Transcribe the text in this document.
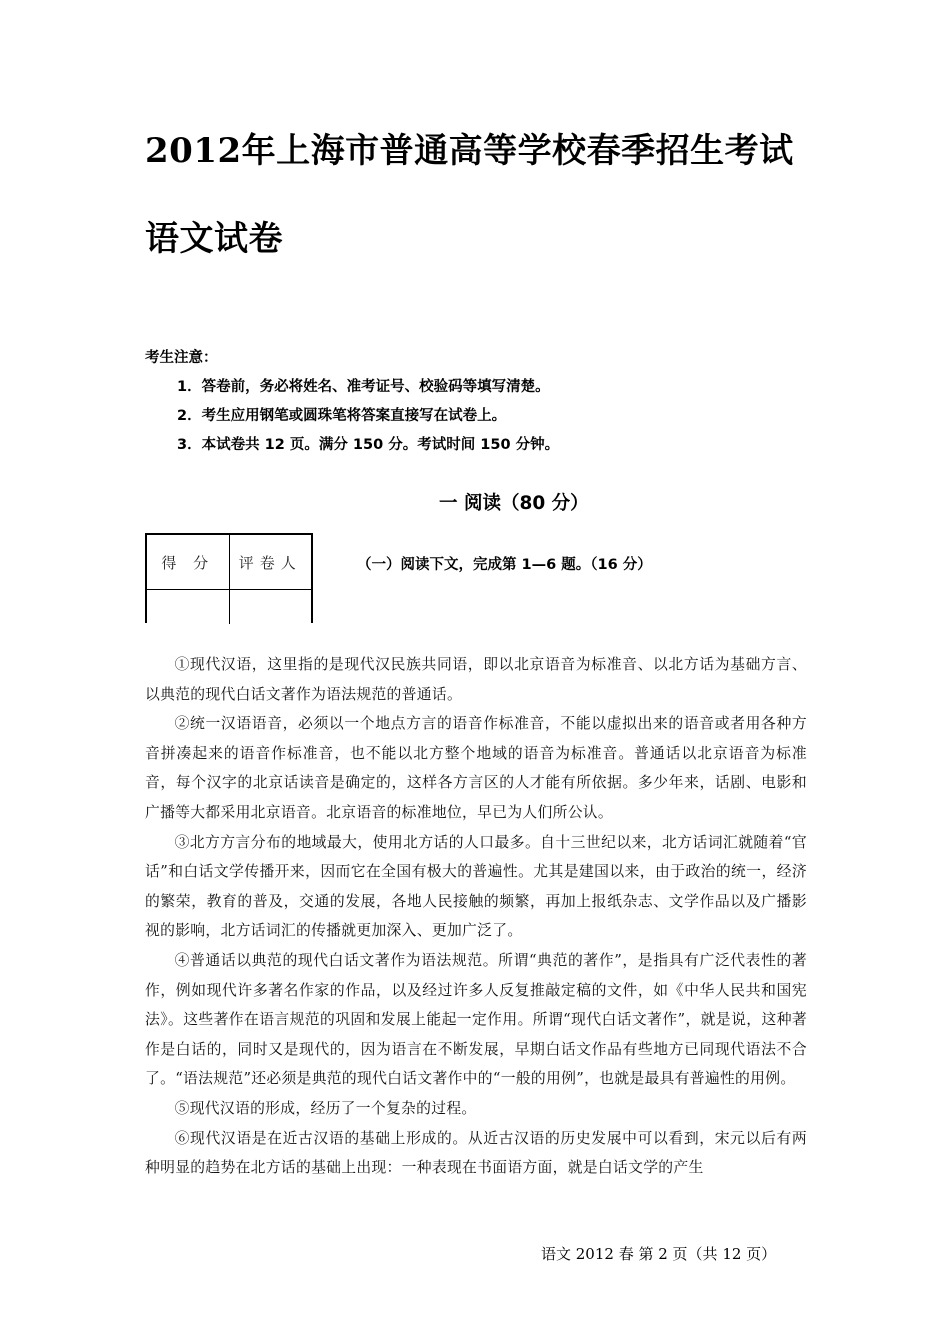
2012年上海市普通高等学校春季招生考试
语文试卷
考生注意：
1．答卷前，务必将姓名、准考证号、校验码等填写清楚。
2．考生应用钢笔或圆珠笔将答案直接写在试卷上。
3．本试卷共 12 页。满分 150 分。考试时间 150 分钟。
一 阅读（80 分）
得 分	评卷人	（一）阅读下文，完成第 1—6 题。（16 分）

①现代汉语，这里指的是现代汉民族共同语，即以北京语音为标准音、以北方话为基础方言、以典范的现代白话文著作为语法规范的普通话。

②统一汉语语音，必须以一个地点方言的语音作标准音，不能以虚拟出来的语音或者用各种方音拼凑起来的语音作标准音，也不能以北方整个地域的语音为标准音。普通话以北京语音为标准音，每个汉字的北京话读音是确定的，这样各方言区的人才能有所依据。多少年来，话剧、电影和广播等大都采用北京语音。北京语音的标准地位，早已为人们所公认。

③北方方言分布的地域最大，使用北方话的人口最多。自十三世纪以来，北方话词汇就随着“官话”和白话文学传播开来，因而它在全国有极大的普遍性。尤其是建国以来，由于政治的统一，经济的繁荣，教育的普及，交通的发展，各地人民接触的频繁，再加上报纸杂志、文学作品以及广播影视的影响，北方话词汇的传播就更加深入、更加广泛了。

④普通话以典范的现代白话文著作为语法规范。所谓“典范的著作”，是指具有广泛代表性的著作，例如现代许多著名作家的作品，以及经过许多人反复推敲定稿的文件，如《中华人民共和国宪法》。这些著作在语言规范的巩固和发展上能起一定作用。所谓“现代白话文著作”，就是说，这种著作是白话的，同时又是现代的，因为语言在不断发展，早期白话文作品有些地方已同现代语法不合了。“语法规范”还必须是典范的现代白话文著作中的“一般的用例”，也就是最具有普遍性的用例。

⑤现代汉语的形成，经历了一个复杂的过程。

⑥现代汉语是在近古汉语的基础上形成的。从近古汉语的历史发展中可以看到，宋元以后有两种明显的趋势在北方话的基础上出现：一种表现在书面语方面，就是白话文学的产生

语文 2012 春 第 2 页（共 12 页）
